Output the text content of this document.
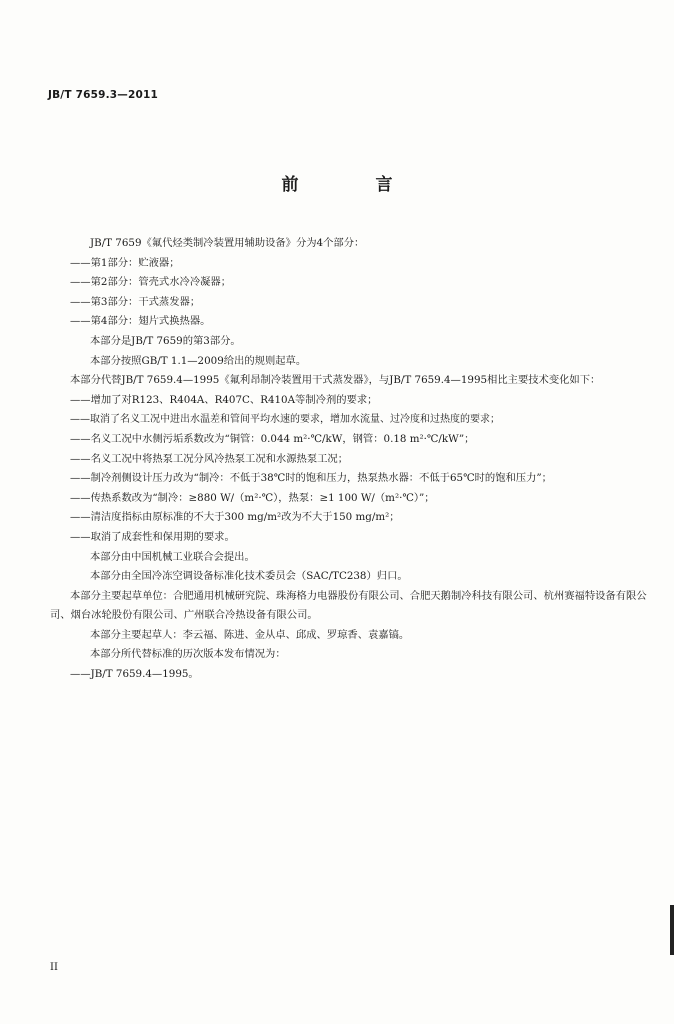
JB/T 7659.3—2011
前　言

JB/T 7659《氟代烃类制冷装置用辅助设备》分为4个部分：

——第1部分：贮液器；

——第2部分：管壳式水冷冷凝器；

——第3部分：干式蒸发器；

——第4部分：翅片式换热器。

本部分是JB/T 7659的第3部分。

本部分按照GB/T 1.1—2009给出的规则起草。

本部分代替JB/T 7659.4—1995《氟利昂制冷装置用干式蒸发器》，与JB/T 7659.4—1995相比主要技术变化如下：

——增加了对R123、R404A、R407C、R410A等制冷剂的要求；

——取消了名义工况中进出水温差和管间平均水速的要求，增加水流量、过冷度和过热度的要求；

——名义工况中水侧污垢系数改为“铜管：0.044 m²·℃/kW，钢管：0.18 m²·℃/kW”；

——名义工况中将热泵工况分风冷热泵工况和水源热泵工况；

——制冷剂侧设计压力改为“制冷：不低于38℃时的饱和压力，热泵热水器：不低于65℃时的饱和压力”；

——传热系数改为“制冷：≥880 W/（m²·℃），热泵：≥1 100 W/（m²·℃）”；

——清洁度指标由原标准的不大于300 mg/m²改为不大于150 mg/m²；

——取消了成套性和保用期的要求。

本部分由中国机械工业联合会提出。

本部分由全国冷冻空调设备标准化技术委员会（SAC/TC238）归口。

本部分主要起草单位：合肥通用机械研究院、珠海格力电器股份有限公司、合肥天鹅制冷科技有限公司、杭州赛福特设备有限公司、烟台冰轮股份有限公司、广州联合冷热设备有限公司。

本部分主要起草人：李云福、陈进、金从卓、邱成、罗琼香、袁嘉镐。

本部分所代替标准的历次版本发布情况为：

——JB/T 7659.4—1995。

II
